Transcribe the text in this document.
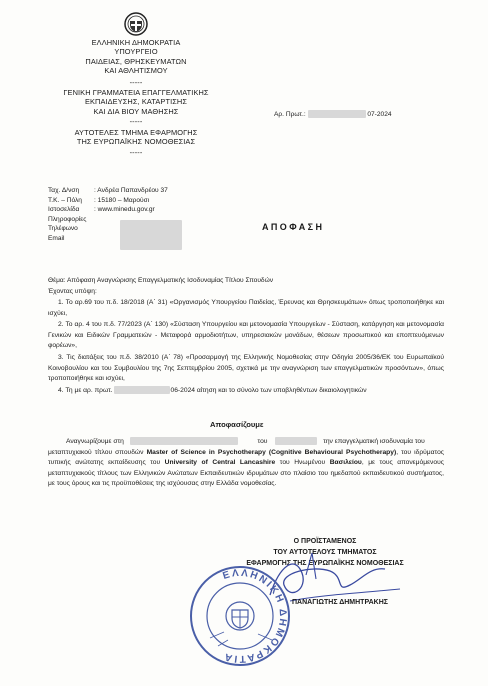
ΕΛΛΗΝΙΚΗ ΔΗΜΟΚΡΑΤΙΑ
ΥΠΟΥΡΓΕΙΟ
ΠΑΙΔΕΙΑΣ, ΘΡΗΣΚΕΥΜΑΤΩΝ
ΚΑΙ ΑΘΛΗΤΙΣΜΟΥ
-----
ΓΕΝΙΚΗ ΓΡΑΜΜΑΤΕΙΑ ΕΠΑΓΓΕΛΜΑΤΙΚΗΣ
ΕΚΠΑΙΔΕΥΣΗΣ, ΚΑΤΑΡΤΙΣΗΣ
ΚΑΙ ΔΙΑ ΒΙΟΥ ΜΑΘΗΣΗΣ
-----
ΑΥΤΟΤΕΛΕΣ ΤΜΗΜΑ ΕΦΑΡΜΟΓΗΣ
ΤΗΣ ΕΥΡΩΠΑΪΚΗΣ ΝΟΜΟΘΕΣΙΑΣ
-----
Αρ. Πρωτ.:	07-2024
Ταχ. Δ/νση	: Ανδρέα Παπανδρέου 37
Τ.Κ. – Πόλη	: 15180 – Μαρούσι
Ιστοσελίδα	: www.minedu.gov.gr
Πληροφορίες
Τηλέφωνο
Email
ΑΠΟΦΑΣΗ
Θέμα: Απόφαση Αναγνώρισης Επαγγελματικής Ισοδυναμίας Τίτλου Σπουδών
Έχοντας υπόψη:
1. Το αρ.69 του π.δ. 18/2018 (Α΄ 31) «Οργανισμός Υπουργείου Παιδείας, Έρευνας και Θρησκευμάτων» όπως τροποποιήθηκε και ισχύει,
2. Το αρ. 4 του π.δ. 77/2023 (Α΄ 130) «Σύσταση Υπουργείου και μετονομασία Υπουργείων - Σύσταση, κατάργηση και μετονομασία Γενικών και Ειδικών Γραμματειών - Μεταφορά αρμοδιοτήτων, υπηρεσιακών μονάδων, θέσεων προσωπικού και εποπτευόμενων φορέων»,
3. Τις διατάξεις του π.δ. 38/2010 (Α΄ 78) «Προσαρμογή της Ελληνικής Νομοθεσίας στην Οδηγία 2005/36/ΕΚ του Ευρωπαϊκού Κοινοβουλίου και του Συμβουλίου της 7ης Σεπτεμβρίου 2005, σχετικά με την αναγνώριση των επαγγελματικών προσόντων», όπως τροποποιήθηκε και ισχύει,
4. Τη με αρ. πρωτ.	06-2024 αίτηση και το σύνολο των υποβληθέντων δικαιολογητικών
Αποφασίζουμε
Αναγνωρίζουμε στη	του	την επαγγελματική ισοδυναμία του
μεταπτυχιακού τίτλου σπουδών Master of Science in Psychotherapy (Cognitive Behavioural Psychotherapy), του ιδρύματος τυπικής ανώτατης εκπαίδευσης του University of Central Lancashire του Ηνωμένου Βασιλείου, με τους απονεμόμενους μεταπτυχιακούς τίτλους των Ελληνικών Ανώτατων Εκπαιδευτικών ιδρυμάτων στο πλαίσιο του ημεδαπού εκπαιδευτικού συστήματος, με τους όρους και τις προϋποθέσεις της ισχύουσας στην Ελλάδα νομοθεσίας.
Ο ΠΡΟΪΣΤΑΜΕΝΟΣ
ΤΟΥ ΑΥΤΟΤΕΛΟΥΣ ΤΜΗΜΑΤΟΣ
ΕΦΑΡΜΟΓΗΣ ΤΗΣ ΕΥΡΩΠΑΪΚΗΣ ΝΟΜΟΘΕΣΙΑΣ
ΠΑΝΑΓΙΩΤΗΣ ΔΗΜΗΤΡΑΚΗΣ
ΕΛΛΗΝΙΚΗ ΔΗΜΟΚΡΑΤΙΑ
